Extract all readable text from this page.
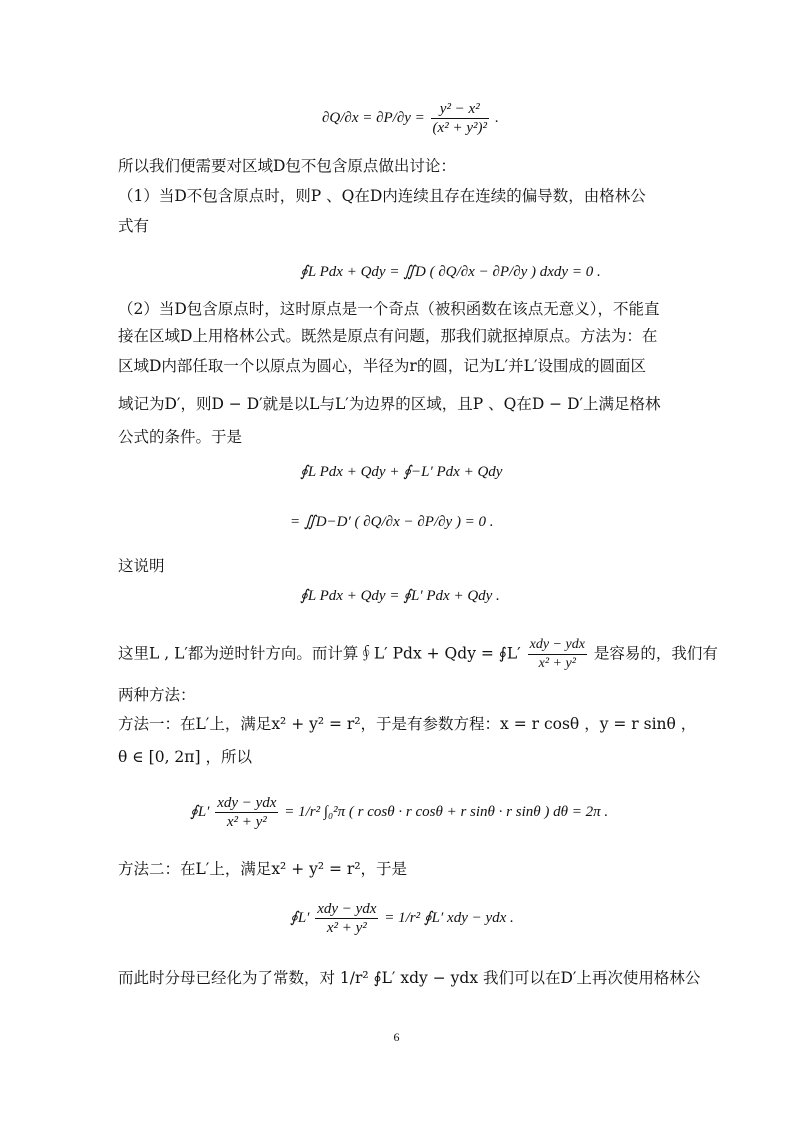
$\partial Q/\partial x = \partial P/\partial y = \frac{\text{y² − x²}}{\text{(x² + y²)²}}$ .
所以我们便需要对区域D包不包含原点做出讨论：
（1）当D不包含原点时，则P 、Q在D内连续且存在连续的偏导数，由格林公
式有
∮L Pdx + Qdy = ∬D ( ∂Q/∂x − ∂P/∂y ) dxdy = 0 .
（2）当D包含原点时，这时原点是一个奇点（被积函数在该点无意义），不能直
接在区域D上用格林公式。既然是原点有问题，那我们就抠掉原点。方法为：在
区域D内部任取一个以原点为圆心，半径为r的圆，记为L′并L′设围成的圆面区
域记为D′，则D − D′就是以L与L′为边界的区域，且P 、Q在D − D′上满足格林
公式的条件。于是
∮L Pdx + Qdy + ∮−L′ Pdx + Qdy
= ∬D−D′ ( ∂Q/∂x − ∂P/∂y ) = 0 .
这说明
∮L Pdx + Qdy = ∮L′ Pdx + Qdy .
这里L , L′都为逆时针方向。而计算∮L′ Pdx + Qdy = ∮L′ $\frac{\text{xdy − ydx}}{\text{x² + y²}}$ 是容易的，我们有
两种方法：
方法一：在L′上，满足x² + y² = r²，于是有参数方程：x = r cosθ ，y = r sinθ ，
θ ∈ [0, 2π] ，所以
∮L′ $\frac{\text{xdy − ydx}}{\text{x² + y²}} = 1/r^2$ ∫₀²π ( r cosθ · r cosθ + r sinθ · r sinθ ) dθ = 2π .
方法二：在L′上，满足x² + y² = r²，于是
∮L′ $\frac{\text{xdy − ydx}}{\text{x² + y²}} = 1/r^2$ ∮L′ xdy − ydx .
而此时分母已经化为了常数，对 1/r² ∮L′ xdy − ydx 我们可以在D′上再次使用格林公
6
